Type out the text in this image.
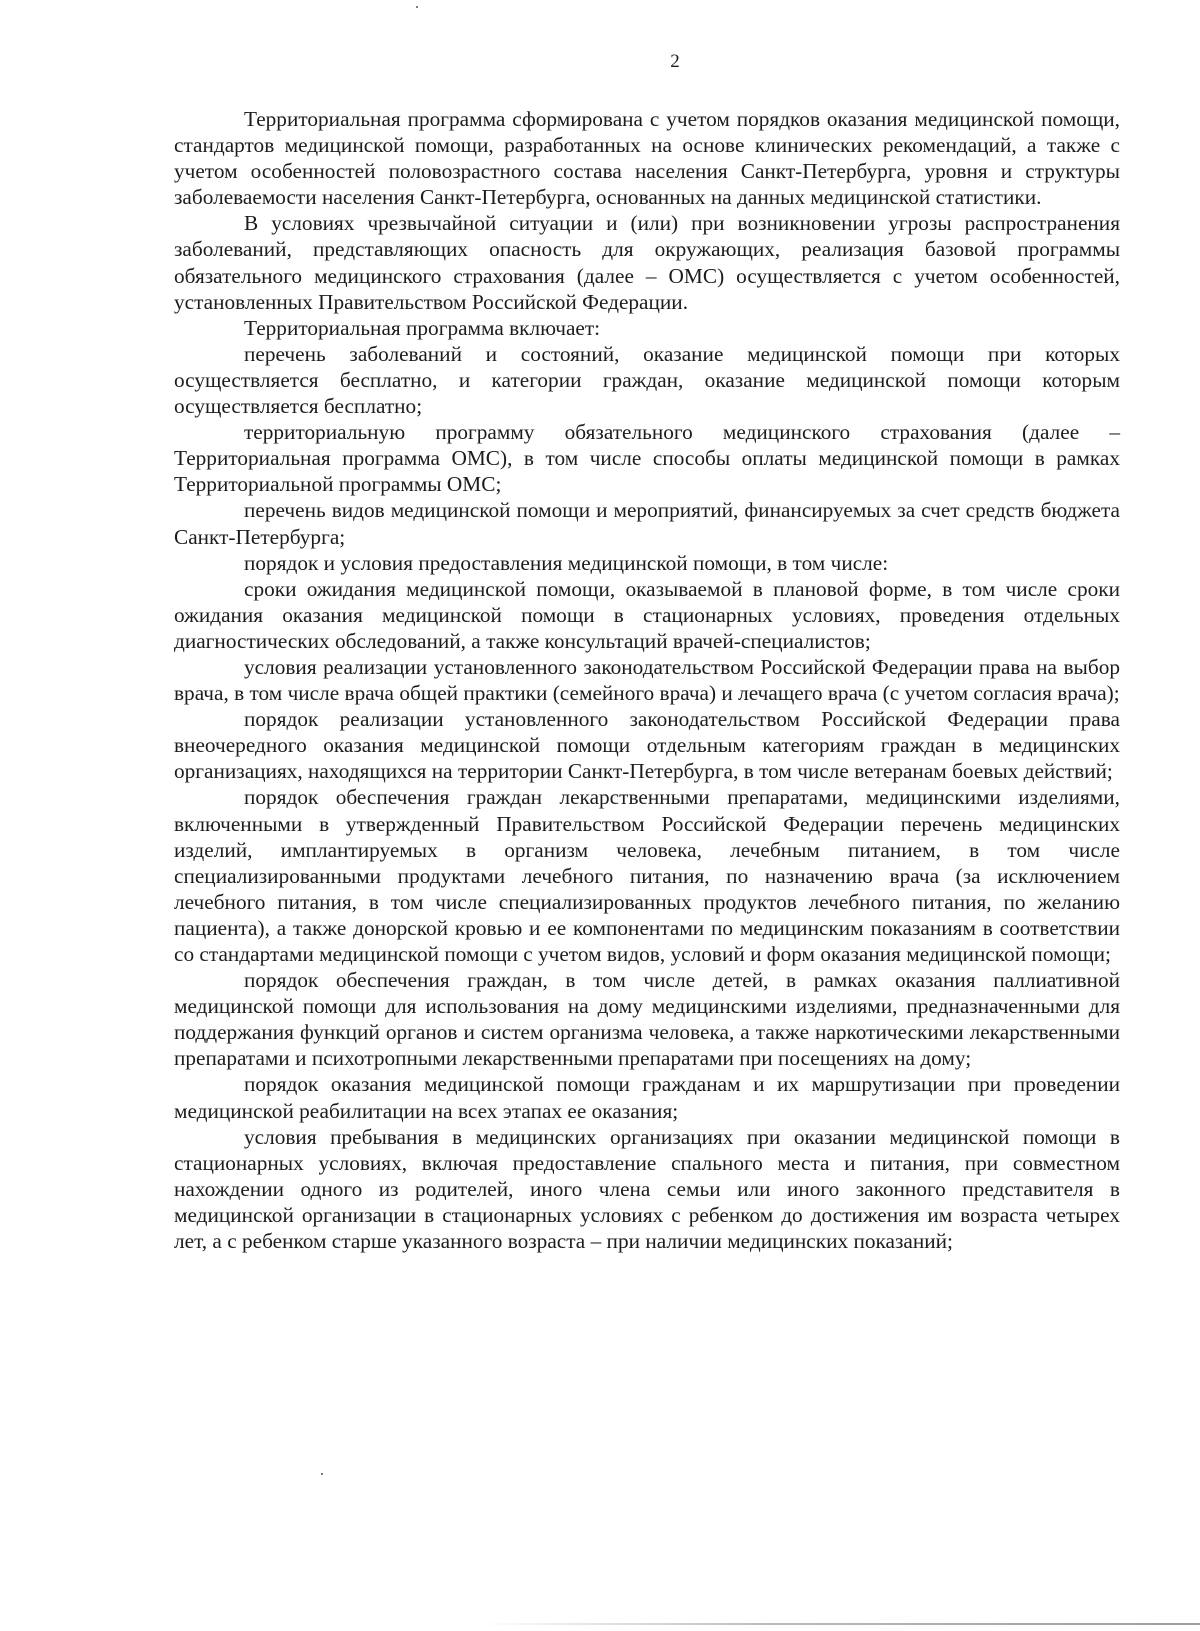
2

Территориальная программа сформирована с учетом порядков оказания медицинской помощи, стандартов медицинской помощи, разработанных на основе клинических рекомендаций, а также с учетом особенностей половозрастного состава населения Санкт-Петербурга, уровня и структуры заболеваемости населения Санкт-Петербурга, основанных на данных медицинской статистики.

В условиях чрезвычайной ситуации и (или) при возникновении угрозы распространения заболеваний, представляющих опасность для окружающих, реализация базовой программы обязательного медицинского страхования (далее – ОМС) осуществляется с учетом особенностей, установленных Правительством Российской Федерации.

Территориальная программа включает:

перечень заболеваний и состояний, оказание медицинской помощи при которых осуществляется бесплатно, и категории граждан, оказание медицинской помощи которым осуществляется бесплатно;

территориальную программу обязательного медицинского страхования (далее – Территориальная программа ОМС), в том числе способы оплаты медицинской помощи в рамках Территориальной программы ОМС;

перечень видов медицинской помощи и мероприятий, финансируемых за счет средств бюджета Санкт-Петербурга;

порядок и условия предоставления медицинской помощи, в том числе:

сроки ожидания медицинской помощи, оказываемой в плановой форме, в том числе сроки ожидания оказания медицинской помощи в стационарных условиях, проведения отдельных диагностических обследований, а также консультаций врачей-специалистов;

условия реализации установленного законодательством Российской Федерации права на выбор врача, в том числе врача общей практики (семейного врача) и лечащего врача (с учетом согласия врача);

порядок реализации установленного законодательством Российской Федерации права внеочередного оказания медицинской помощи отдельным категориям граждан в медицинских организациях, находящихся на территории Санкт-Петербурга, в том числе ветеранам боевых действий;

порядок обеспечения граждан лекарственными препаратами, медицинскими изделиями, включенными в утвержденный Правительством Российской Федерации перечень медицинских изделий, имплантируемых в организм человека, лечебным питанием, в том числе специализированными продуктами лечебного питания, по назначению врача (за исключением лечебного питания, в том числе специализированных продуктов лечебного питания, по желанию пациента), а также донорской кровью и ее компонентами по медицинским показаниям в соответствии со стандартами медицинской помощи с учетом видов, условий и форм оказания медицинской помощи;

порядок обеспечения граждан, в том числе детей, в рамках оказания паллиативной медицинской помощи для использования на дому медицинскими изделиями, предназначенными для поддержания функций органов и систем организма человека, а также наркотическими лекарственными препаратами и психотропными лекарственными препаратами при посещениях на дому;

порядок оказания медицинской помощи гражданам и их маршрутизации при проведении медицинской реабилитации на всех этапах ее оказания;

условия пребывания в медицинских организациях при оказании медицинской помощи в стационарных условиях, включая предоставление спального места и питания, при совместном нахождении одного из родителей, иного члена семьи или иного законного представителя в медицинской организации в стационарных условиях с ребенком до достижения им возраста четырех лет, а с ребенком старше указанного возраста – при наличии медицинских показаний;
